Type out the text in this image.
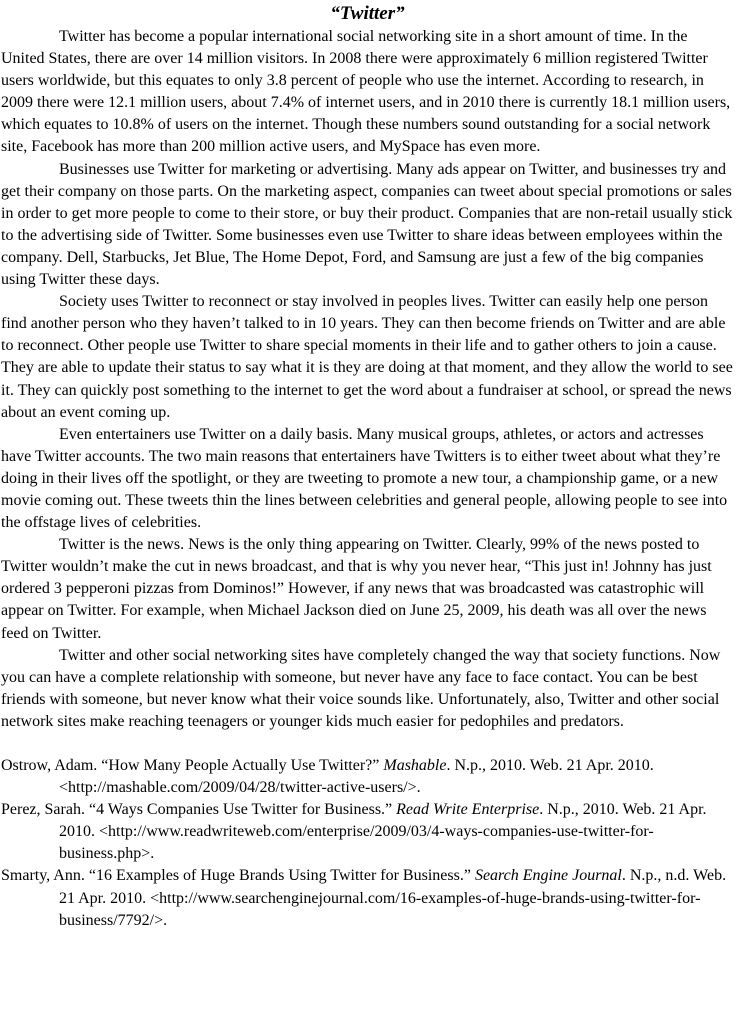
“Twitter”

Twitter has become a popular international social networking site in a short amount of time. In the United States, there are over 14 million visitors. In 2008 there were approximately 6 million registered Twitter users worldwide, but this equates to only 3.8 percent of people who use the internet. According to research, in 2009 there were 12.1 million users, about 7.4% of internet users, and in 2010 there is currently 18.1 million users, which equates to 10.8% of users on the internet. Though these numbers sound outstanding for a social network site, Facebook has more than 200 million active users, and MySpace has even more.

Businesses use Twitter for marketing or advertising. Many ads appear on Twitter, and businesses try and get their company on those parts. On the marketing aspect, companies can tweet about special promotions or sales in order to get more people to come to their store, or buy their product. Companies that are non-retail usually stick to the advertising side of Twitter. Some businesses even use Twitter to share ideas between employees within the company. Dell, Starbucks, Jet Blue, The Home Depot, Ford, and Samsung are just a few of the big companies using Twitter these days.

Society uses Twitter to reconnect or stay involved in peoples lives. Twitter can easily help one person find another person who they haven’t talked to in 10 years. They can then become friends on Twitter and are able to reconnect. Other people use Twitter to share special moments in their life and to gather others to join a cause. They are able to update their status to say what it is they are doing at that moment, and they allow the world to see it. They can quickly post something to the internet to get the word about a fundraiser at school, or spread the news about an event coming up.

Even entertainers use Twitter on a daily basis. Many musical groups, athletes, or actors and actresses have Twitter accounts. The two main reasons that entertainers have Twitters is to either tweet about what they’re doing in their lives off the spotlight, or they are tweeting to promote a new tour, a championship game, or a new movie coming out. These tweets thin the lines between celebrities and general people, allowing people to see into the offstage lives of celebrities.

Twitter is the news. News is the only thing appearing on Twitter. Clearly, 99% of the news posted to Twitter wouldn’t make the cut in news broadcast, and that is why you never hear, “This just in! Johnny has just ordered 3 pepperoni pizzas from Dominos!” However, if any news that was broadcasted was catastrophic will appear on Twitter. For example, when Michael Jackson died on June 25, 2009, his death was all over the news feed on Twitter.

Twitter and other social networking sites have completely changed the way that society functions. Now you can have a complete relationship with someone, but never have any face to face contact. You can be best friends with someone, but never know what their voice sounds like. Unfortunately, also, Twitter and other social network sites make reaching teenagers or younger kids much easier for pedophiles and predators.

Ostrow, Adam. “How Many People Actually Use Twitter?” Mashable. N.p., 2010. Web. 21 Apr. 2010. <http://mashable.com/2009/04/28/twitter-active-users/>.

Perez, Sarah. “4 Ways Companies Use Twitter for Business.” Read Write Enterprise. N.p., 2010. Web. 21 Apr. 2010. <http://www.readwriteweb.com/enterprise/2009/03/4-ways-companies-use-twitter-for-business.php>.

Smarty, Ann. “16 Examples of Huge Brands Using Twitter for Business.” Search Engine Journal. N.p., n.d. Web. 21 Apr. 2010. <http://www.searchenginejournal.com/16-examples-of-huge-brands-using-twitter-for-business/7792/>.
